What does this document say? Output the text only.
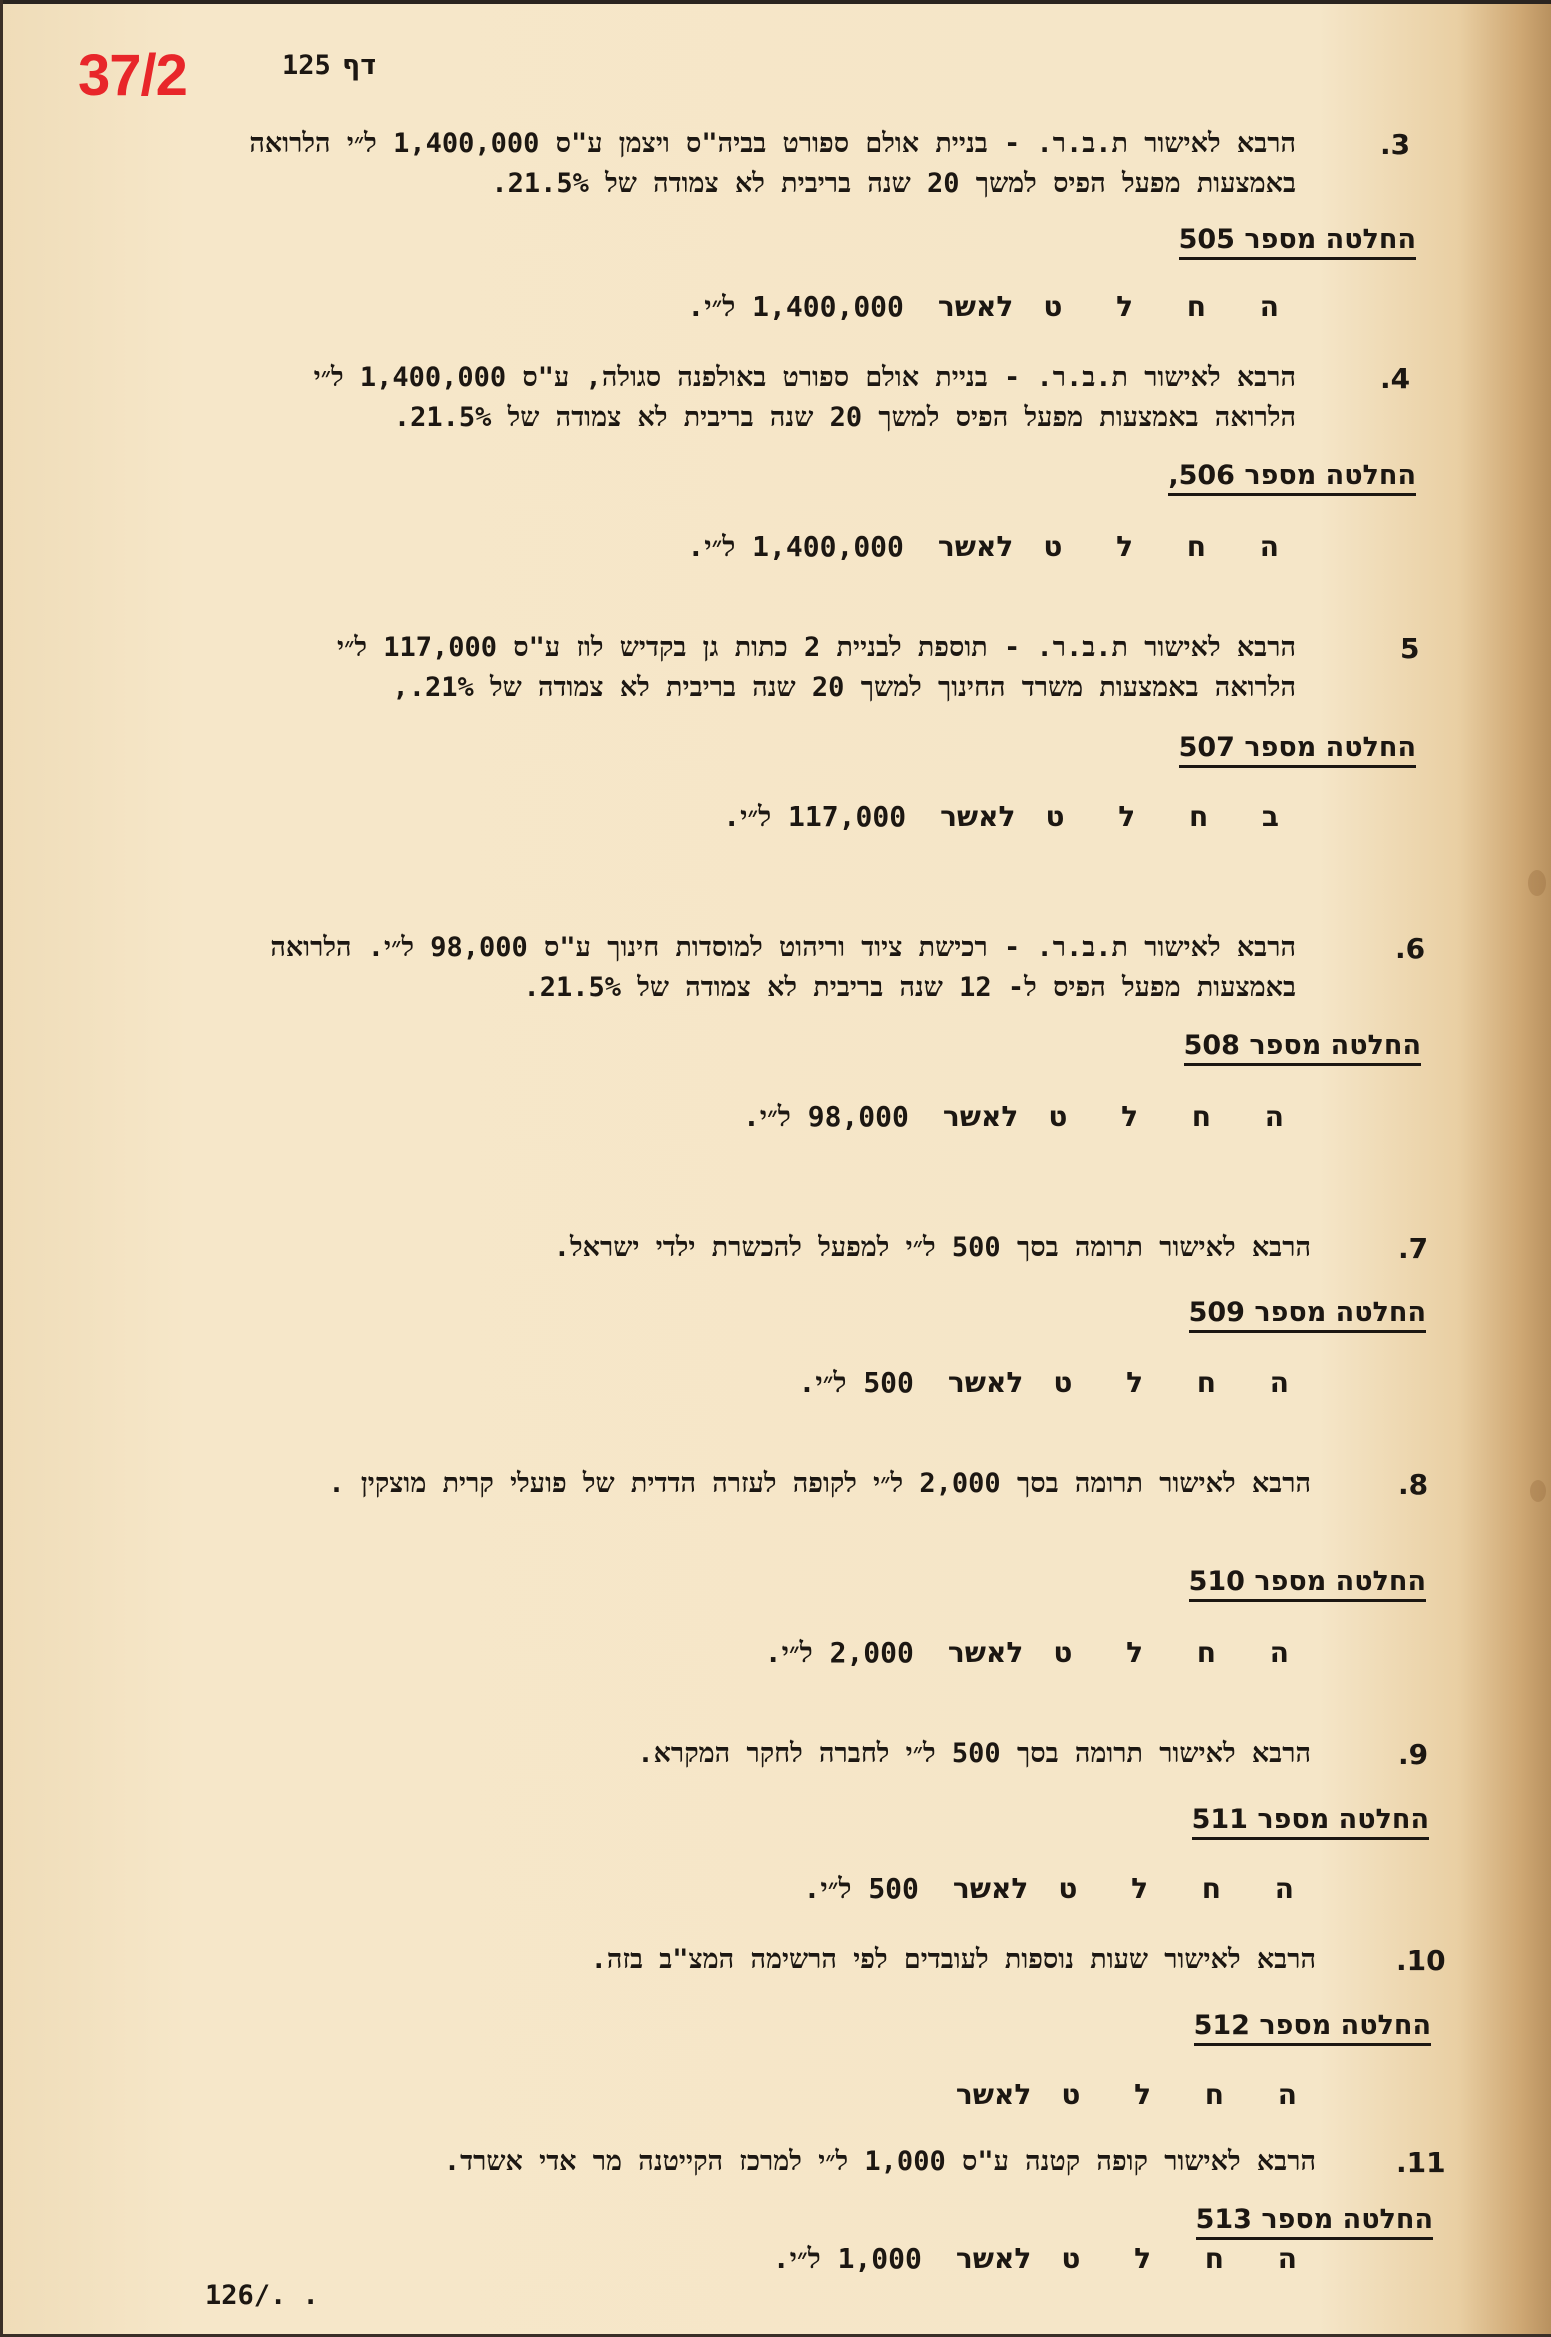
37/2	125 דף
.3
הרבא לאישור ת.ב.ר. - בניית אולם ספורט בביה"ס ויצמן ע"ס 1,400,000 ל״י הלרואה
באמצעות מפעל הפיס למשך 20 שנה בריבית לא צמודה של 21.5%.
החלטה מספר 505
ה ח ל טלאשר1,400,000 ל״י.
.4
הרבא לאישור ת.ב.ר. - בניית אולם ספורט באולפנה סגולה, ע"ס 1,400,000 ל״י
הלרואה באמצעות מפעל הפיס למשך 20 שנה בריבית לא צמודה של 21.5%.
החלטה מספר 506,
ה ח ל טלאשר1,400,000 ל״י.
5
הרבא לאישור ת.ב.ר. - תוספת לבניית 2 כתות גן בקדיש לוז ע"ס 117,000 ל״י
הלרואה באמצעות משרד החינוך למשך 20 שנה בריבית לא צמודה של 21%.,
החלטה מספר 507
ב ח ל טלאשר117,000 ל״י.
.6
הרבא לאישור ת.ב.ר. - רכישת ציוד וריהוט למוסדות חינוך ע"ס 98,000 ל״י. הלרואה
באמצעות מפעל הפיס ל- 12 שנה בריבית לא צמודה של 21.5%.
החלטה מספר 508
ה ח ל טלאשר98,000 ל״י.
.7
הרבא לאישור תרומה בסך 500 ל״י למפעל להכשרת ילדי ישראל.
החלטה מספר 509
ה ח ל טלאשר500 ל״י.
.8
הרבא לאישור תרומה בסך 2,000 ל״י לקופה לעזרה הדדית של פועלי קרית מוצקין .
החלטה מספר 510
ה ח ל טלאשר2,000 ל״י.
.9
הרבא לאישור תרומה בסך 500 ל״י לחברה לחקר המקרא.
החלטה מספר 511
ה ח ל טלאשר500 ל״י.
.10
הרבא לאישור שעות נוספות לעובדים לפי הרשימה המצ"ב בזה.
החלטה מספר 512
ה ח ל טלאשר
.11
הרבא לאישור קופה קטנה ע"ס 1,000 ל״י למרכז הקייטנה מר אדי אשרד.
החלטה מספר 513
ה ח ל טלאשר1,000 ל״י.
126/. .
